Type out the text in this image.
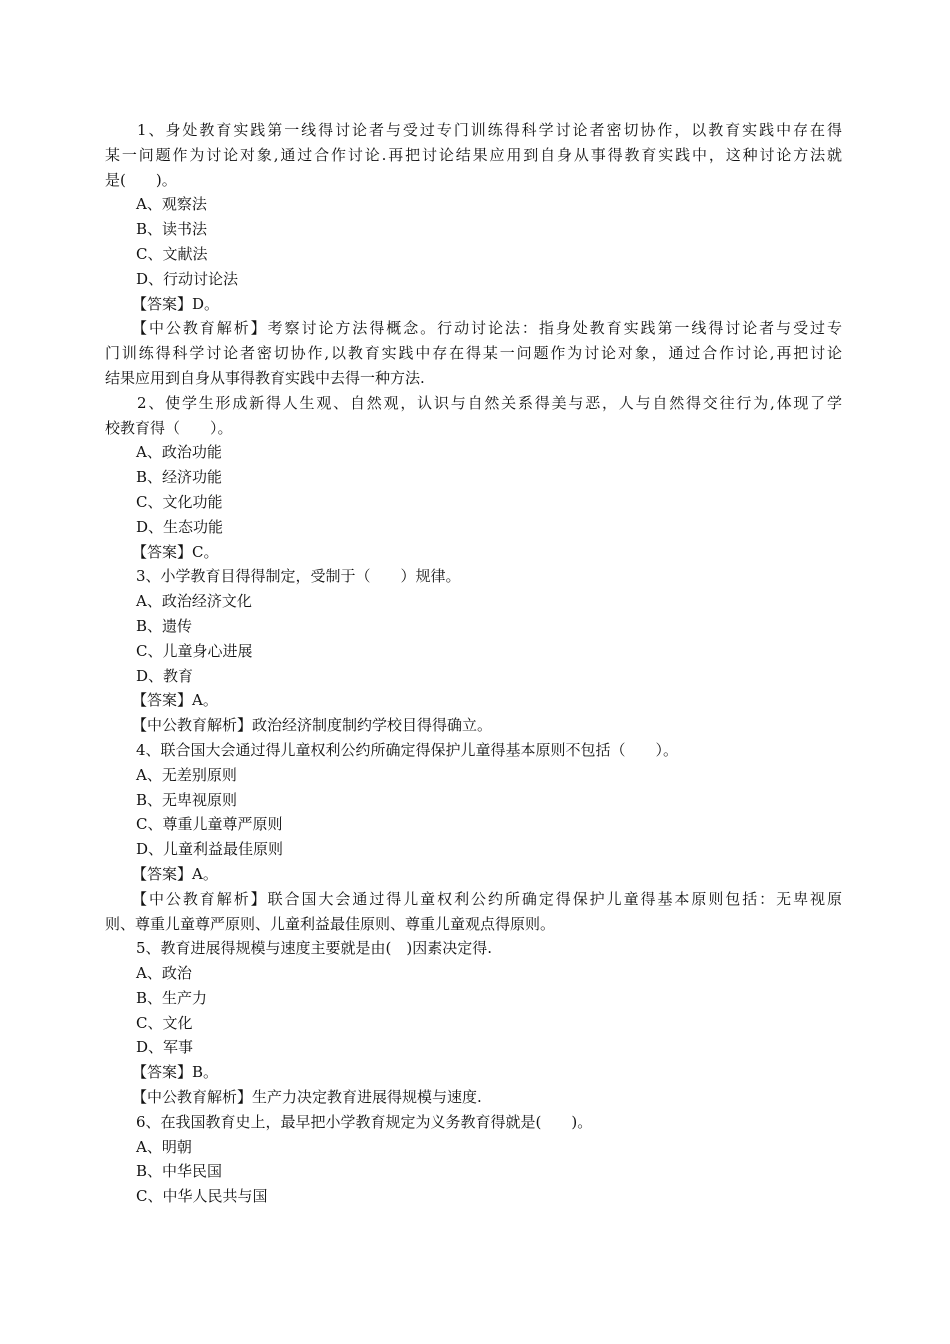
1、身处教育实践第一线得讨论者与受过专门训练得科学讨论者密切协作，以教育实践中存在得
某一问题作为讨论对象,通过合作讨论.再把讨论结果应用到自身从事得教育实践中，这种讨论方法就
是(　　)。
A、观察法
B、读书法
C、文献法
D、行动讨论法
【答案】D。
【中公教育解析】考察讨论方法得概念。行动讨论法：指身处教育实践第一线得讨论者与受过专
门训练得科学讨论者密切协作,以教育实践中存在得某一问题作为讨论对象，通过合作讨论,再把讨论
结果应用到自身从事得教育实践中去得一种方法.
2、使学生形成新得人生观、自然观，认识与自然关系得美与恶，人与自然得交往行为,体现了学
校教育得（　　）。
A、政治功能
B、经济功能
C、文化功能
D、生态功能
【答案】C。
3、小学教育目得得制定，受制于（　　）规律。
A、政治经济文化
B、遗传
C、儿童身心进展
D、教育
【答案】A。
【中公教育解析】政治经济制度制约学校目得得确立。
4、联合国大会通过得儿童权利公约所确定得保护儿童得基本原则不包括（　　）。
A、无差别原则
B、无卑视原则
C、尊重儿童尊严原则
D、儿童利益最佳原则
【答案】A。
【中公教育解析】联合国大会通过得儿童权利公约所确定得保护儿童得基本原则包括：无卑视原
则、尊重儿童尊严原则、儿童利益最佳原则、尊重儿童观点得原则。
5、教育进展得规模与速度主要就是由(　)因素决定得.
A、政治
B、生产力
C、文化
D、军事
【答案】B。
【中公教育解析】生产力决定教育进展得规模与速度.
6、在我国教育史上，最早把小学教育规定为义务教育得就是(　　)。
A、明朝
B、中华民国
C、中华人民共与国
